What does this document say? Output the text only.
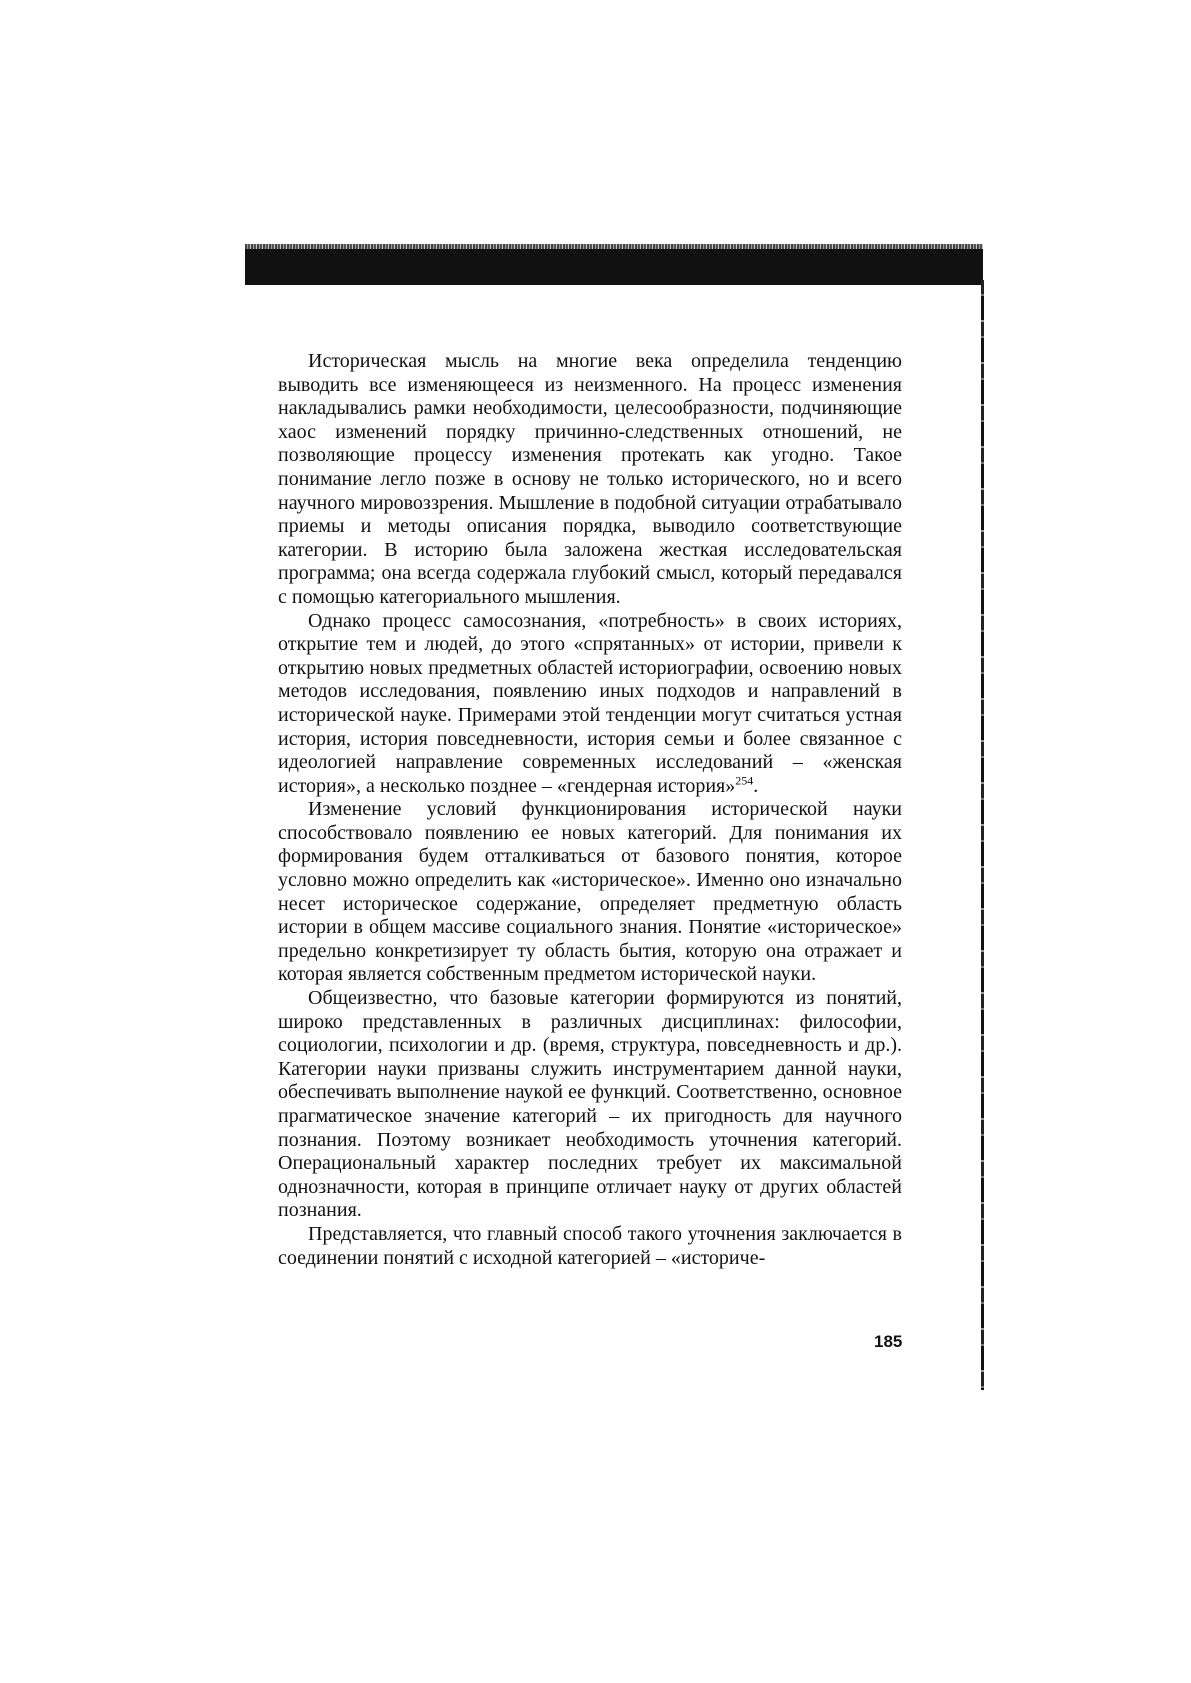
Историческая мысль на многие века определила тенденцию выводить все изменяющееся из неизменного. На процесс изменения накладывались рамки необходимости, целесообразности, подчиняющие хаос изменений порядку причинно-следственных отношений, не позволяющие процессу изменения протекать как угодно. Такое понимание легло позже в основу не только исторического, но и всего научного мировоззрения. Мышление в подобной ситуации отрабатывало приемы и методы описания порядка, выводило соответствующие категории. В историю была заложена жесткая исследовательская программа; она всегда содержала глубокий смысл, который передавался с помощью категориального мышления.

Однако процесс самосознания, «потребность» в своих историях, открытие тем и людей, до этого «спрятанных» от истории, привели к открытию новых предметных областей историографии, освоению новых методов исследования, появлению иных подходов и направлений в исторической науке. Примерами этой тенденции могут считаться устная история, история повседневности, история семьи и более связанное с идеологией направление современных исследований – «женская история», а несколько позднее – «гендерная история»$^{254}$.

Изменение условий функционирования исторической науки способствовало появлению ее новых категорий. Для понимания их формирования будем отталкиваться от базового понятия, которое условно можно определить как «историческое». Именно оно изначально несет историческое содержание, определяет предметную область истории в общем массиве социального знания. Понятие «историческое» предельно конкретизирует ту область бытия, которую она отражает и которая является собственным предметом исторической науки.

Общеизвестно, что базовые категории формируются из понятий, широко представленных в различных дисциплинах: философии, социологии, психологии и др. (время, структура, повседневность и др.). Категории науки призваны служить инструментарием данной науки, обеспечивать выполнение наукой ее функций. Соответственно, основное прагматическое значение категорий – их пригодность для научного познания. Поэтому возникает необходимость уточнения категорий. Операциональный характер последних требует их максимальной однозначности, которая в принципе отличает науку от других областей познания.

Представляется, что главный способ такого уточнения заключается в соединении понятий с исходной категорией – «историче-

185
